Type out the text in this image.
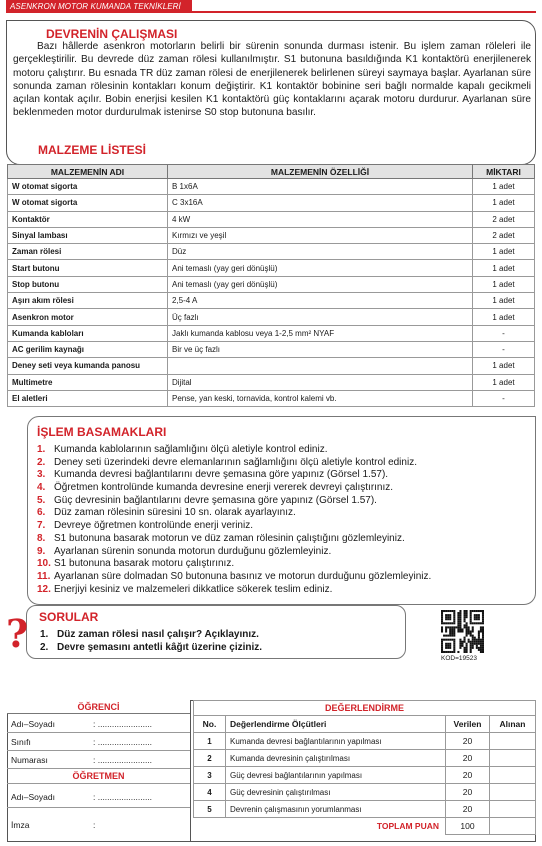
ASENKRON MOTOR KUMANDA TEKNİKLERİ
DEVRENİN ÇALIŞMASI

Bazı hâllerde asenkron motorların belirli bir sürenin sonunda durması istenir. Bu işlem zaman röleleri ile gerçekleştirilir. Bu devrede düz zaman rölesi kullanılmıştır. S1 butonuna basıldığında K1 kontaktörü enerjilenerek motoru çalıştırır. Bu esnada TR düz zaman rölesi de enerjilenerek belirlenen süreyi saymaya başlar. Ayarlanan süre sonunda zaman rölesinin kontakları konum değiştirir. K1 kontaktör bobinine seri bağlı normalde kapalı gecikmeli açılan kontak açılır. Bobin enerjisi kesilen K1 kontaktörü güç kontaklarını açarak motoru durdurur. Ayarlanan süre beklenmeden motor durdurulmak istenirse S0 stop butonuna basılır.

MALZEME LİSTESİ
MALZEMENİN ADI	MALZEMENİN ÖZELLİĞİ	MİKTARI
W otomat sigorta	B 1x6A	1 adet
W otomat sigorta	C 3x16A	1 adet
Kontaktör	4 kW	2 adet
Sinyal lambası	Kırmızı ve yeşil	2 adet
Zaman rölesi	Düz	1 adet
Start butonu	Ani temaslı (yay geri dönüşlü)	1 adet
Stop butonu	Ani temaslı (yay geri dönüşlü)	1 adet
Aşırı akım rölesi	2,5-4 A	1 adet
Asenkron motor	Üç fazlı	1 adet
Kumanda kabloları	Jaklı kumanda kablosu veya 1-2,5 mm² NYAF	-
AC gerilim kaynağı	Bir ve üç fazlı	-
Deney seti veya kumanda panosu		1 adet
Multimetre	Dijital	1 adet
El aletleri	Pense, yan keski, tornavida, kontrol kalemi vb.	-
İŞLEM BASAMAKLARI
1. Kumanda kablolarının sağlamlığını ölçü aletiyle kontrol ediniz.
2. Deney seti üzerindeki devre elemanlarının sağlamlığını ölçü aletiyle kontrol ediniz.
3. Kumanda devresi bağlantılarını devre şemasına göre yapınız (Görsel 1.57).
4. Öğretmen kontrolünde kumanda devresine enerji vererek devreyi çalıştırınız.
5. Güç devresinin bağlantılarını devre şemasına göre yapınız (Görsel 1.57).
6. Düz zaman rölesinin süresini 10 sn. olarak ayarlayınız.
7. Devreye öğretmen kontrolünde enerji veriniz.
8. S1 butonuna basarak motorun ve düz zaman rölesinin çalıştığını gözlemleyiniz.
9. Ayarlanan sürenin sonunda motorun durduğunu gözlemleyiniz.
10. S1 butonuna basarak motoru çalıştırınız.
11. Ayarlanan süre dolmadan S0 butonuna basınız ve motorun durduğunu gözlemleyiniz.
12. Enerjiyi kesiniz ve malzemeleri dikkatlice sökerek teslim ediniz.
? SORULAR
1. Düz zaman rölesi nasıl çalışır? Açıklayınız.
2. Devre şemasını antetli kâğıt üzerine çiziniz.
KOD=19523
ÖĞRENCİ
Adı–Soyadı	: .......................
Sınıfı	: .......................
Numarası	: .......................
ÖĞRETMEN
Adı–Soyadı	: .......................
İmza	:
DEĞERLENDİRME			
No.	Değerlendirme Ölçütleri	Verilen	Alınan
1	Kumanda devresi bağlantılarının yapılması	20	
2	Kumanda devresinin çalıştırılması	20	
3	Güç devresi bağlantılarının yapılması	20	
4	Güç devresinin çalıştırılması	20	
5	Devrenin çalışmasının yorumlanması	20	
TOPLAM PUAN		100	
